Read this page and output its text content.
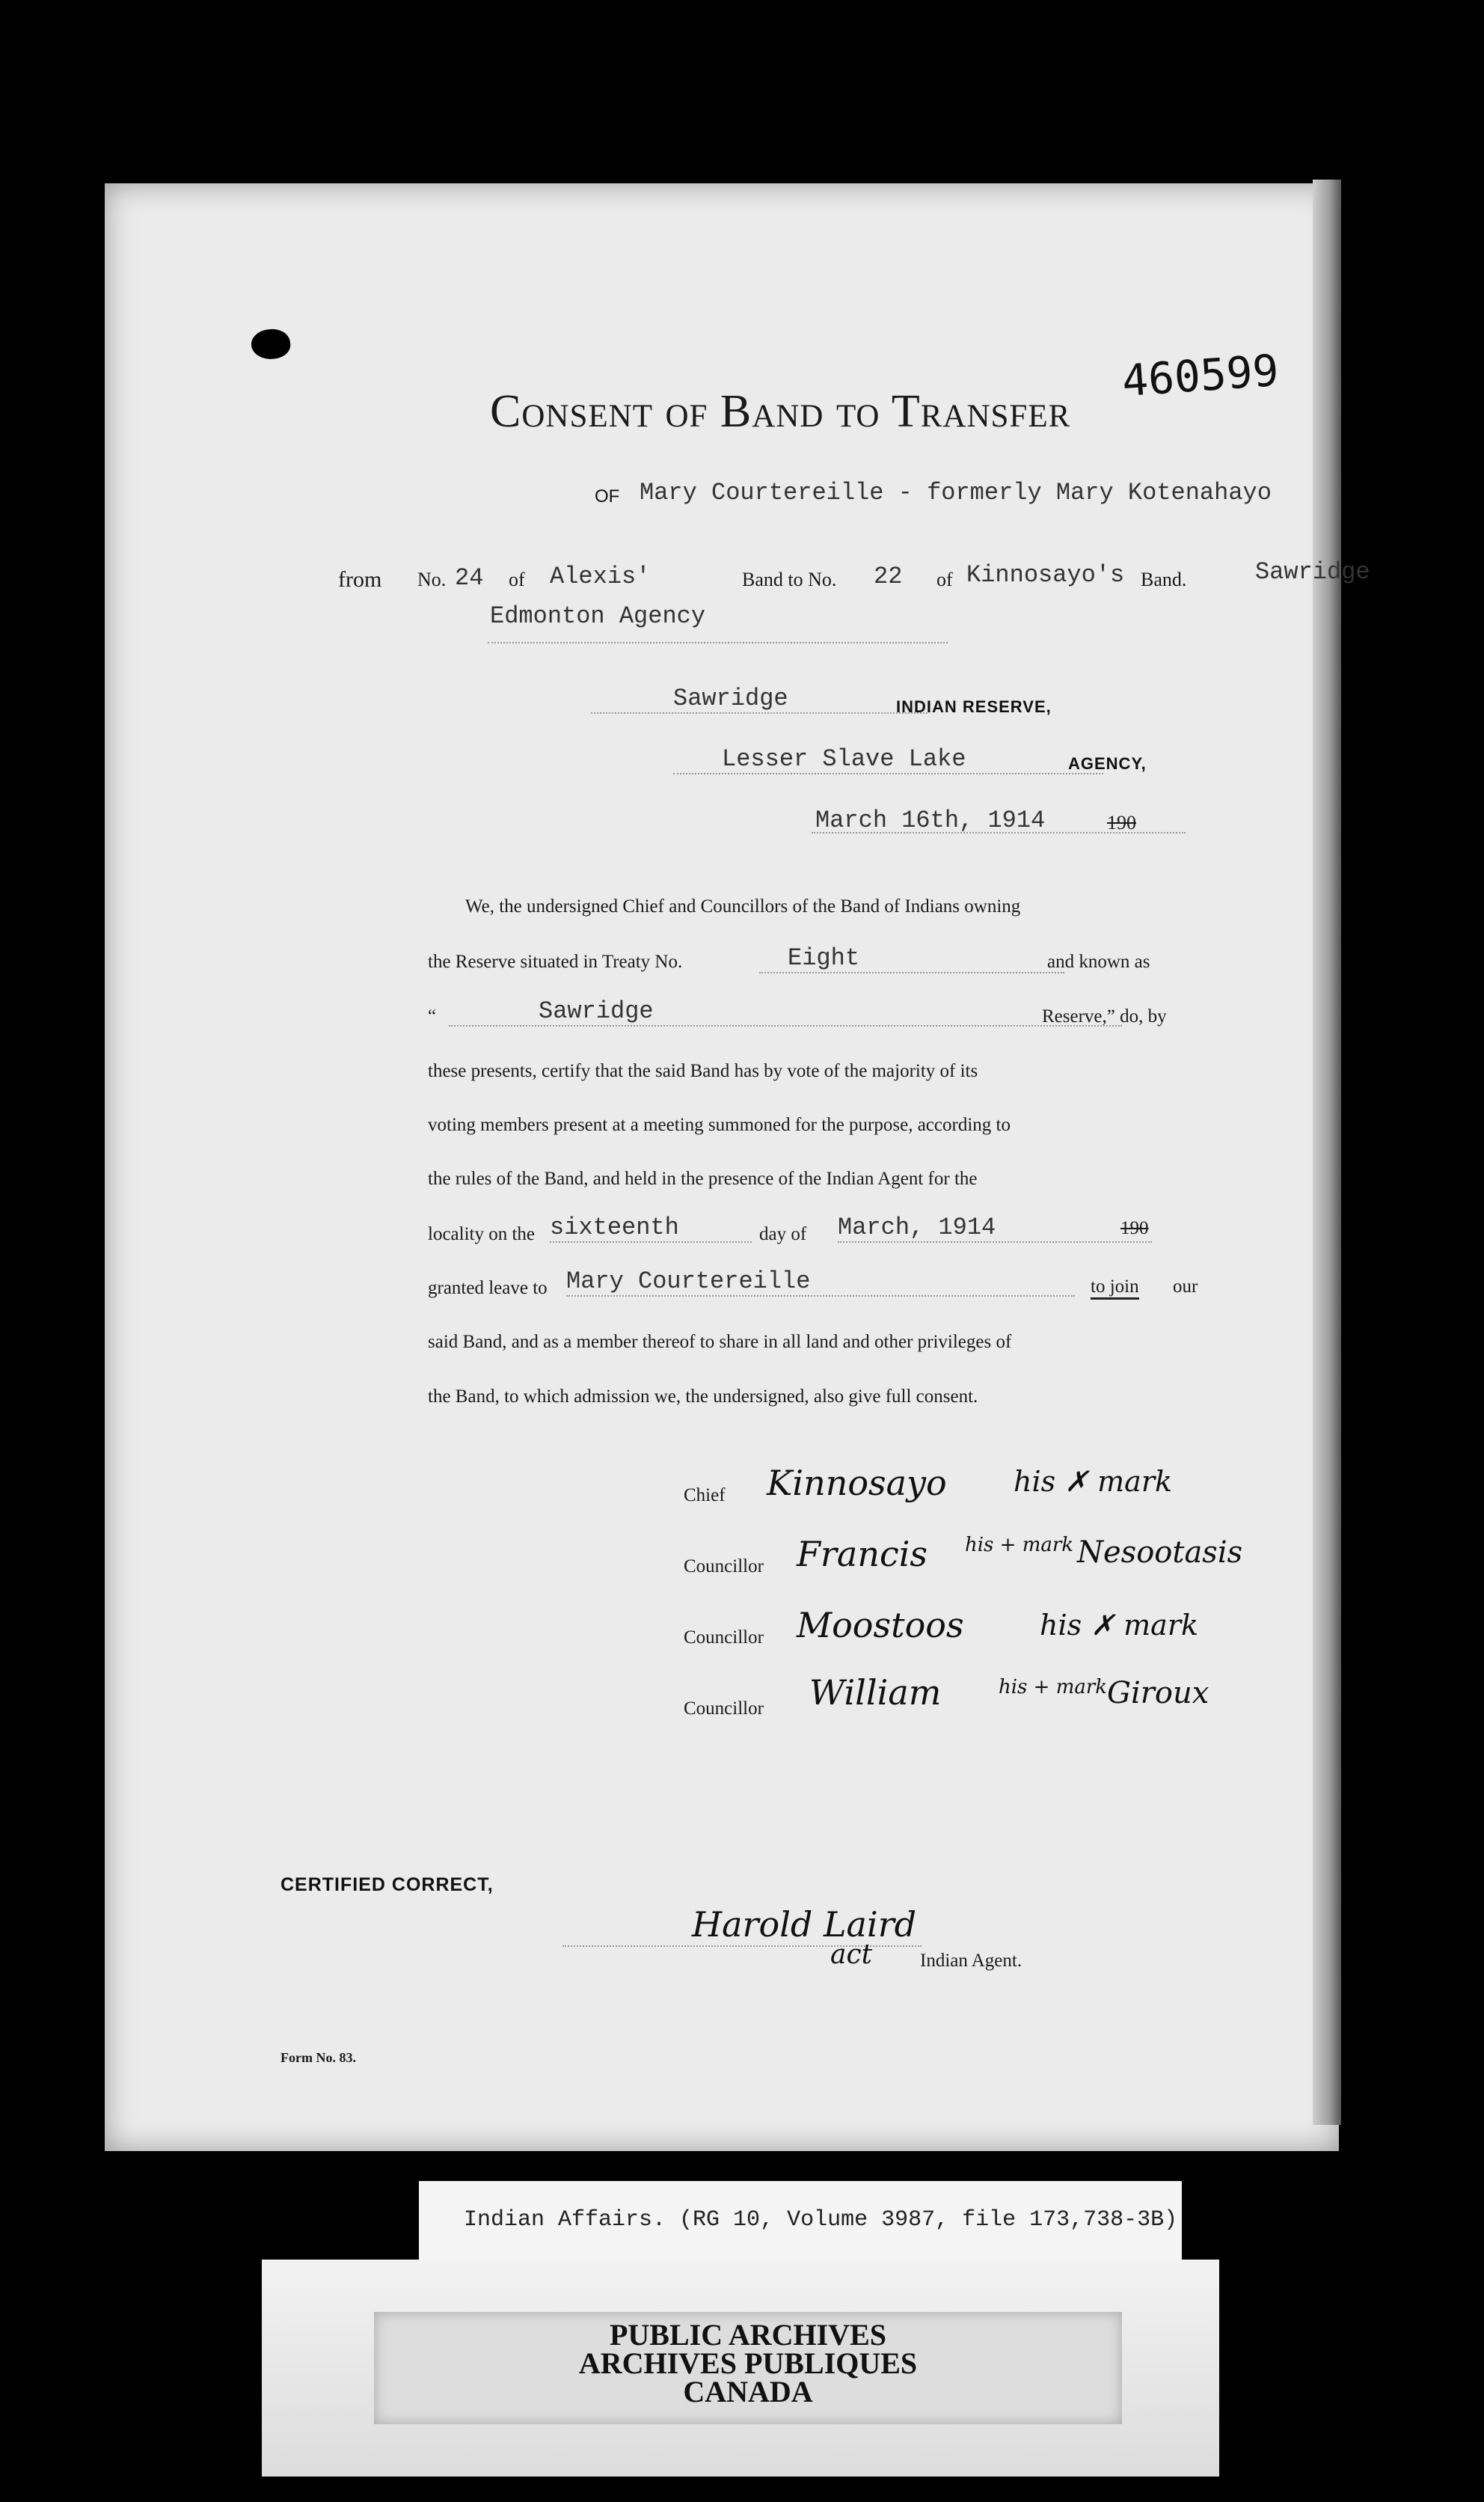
Consent of Band to Transfer
460599
OF Mary Courtereille - formerly Mary Kotenahayo
from No. 24 of Alexis'	Band to No. 22 of Kinnosayo's Band.	Sawridge
Edmonton Agency
Sawridge	INDIAN RESERVE,
Lesser Slave Lake	AGENCY,
March 16th, 1914	190
We, the undersigned Chief and Councillors of the Band of Indians owning
the Reserve situated in Treaty No.	Eight	and known as
“	Sawridge	Reserve,” do, by
these presents, certify that the said Band has by vote of the majority of its
voting members present at a meeting summoned for the purpose, according to
the rules of the Band, and held in the presence of the Indian Agent for the
locality on the sixteenth	day of March, 1914	190
granted leave to Mary Courtereille	to join our
said Band, and as a member thereof to share in all land and other privileges of
the Band, to which admission we, the undersigned, also give full consent.
Chief Kinnosayo his ✗ mark
Councillor Francis his + mark Nesootasis
Councillor Moostoos	his ✗ mark
Councillor William	his + mark Giroux
CERTIFIED CORRECT,
Harold Laird
act	Indian Agent.
Form No. 83.
Indian Affairs. (RG 10, Volume 3987, file 173,738-3B)
PUBLIC ARCHIVES
ARCHIVES PUBLIQUES
CANADA
